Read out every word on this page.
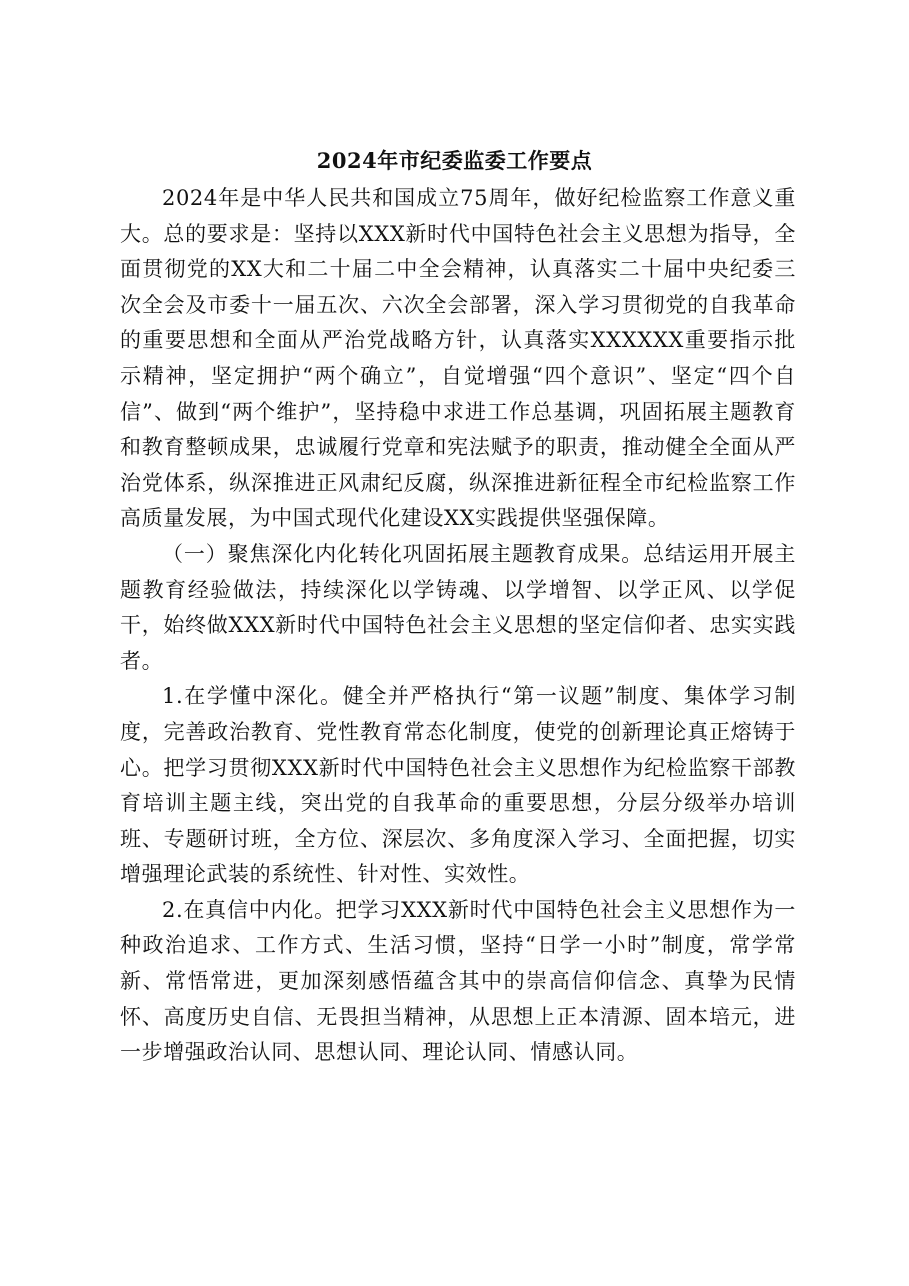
2024年市纪委监委工作要点

2024年是中华人民共和国成立75周年，做好纪检监察工作意义重大。总的要求是：坚持以XXX新时代中国特色社会主义思想为指导，全面贯彻党的XX大和二十届二中全会精神，认真落实二十届中央纪委三次全会及市委十一届五次、六次全会部署，深入学习贯彻党的自我革命的重要思想和全面从严治党战略方针，认真落实XXXXXX重要指示批示精神，坚定拥护“两个确立”，自觉增强“四个意识”、坚定“四个自信”、做到“两个维护”，坚持稳中求进工作总基调，巩固拓展主题教育和教育整顿成果，忠诚履行党章和宪法赋予的职责，推动健全全面从严治党体系，纵深推进正风肃纪反腐，纵深推进新征程全市纪检监察工作高质量发展，为中国式现代化建设XX实践提供坚强保障。

（一）聚焦深化内化转化巩固拓展主题教育成果。总结运用开展主题教育经验做法，持续深化以学铸魂、以学增智、以学正风、以学促干，始终做XXX新时代中国特色社会主义思想的坚定信仰者、忠实实践者。

1.在学懂中深化。健全并严格执行“第一议题”制度、集体学习制度，完善政治教育、党性教育常态化制度，使党的创新理论真正熔铸于心。把学习贯彻XXX新时代中国特色社会主义思想作为纪检监察干部教育培训主题主线，突出党的自我革命的重要思想，分层分级举办培训班、专题研讨班，全方位、深层次、多角度深入学习、全面把握，切实增强理论武装的系统性、针对性、实效性。

2.在真信中内化。把学习XXX新时代中国特色社会主义思想作为一种政治追求、工作方式、生活习惯，坚持“日学一小时”制度，常学常新、常悟常进，更加深刻感悟蕴含其中的崇高信仰信念、真挚为民情怀、高度历史自信、无畏担当精神，从思想上正本清源、固本培元，进一步增强政治认同、思想认同、理论认同、情感认同。
